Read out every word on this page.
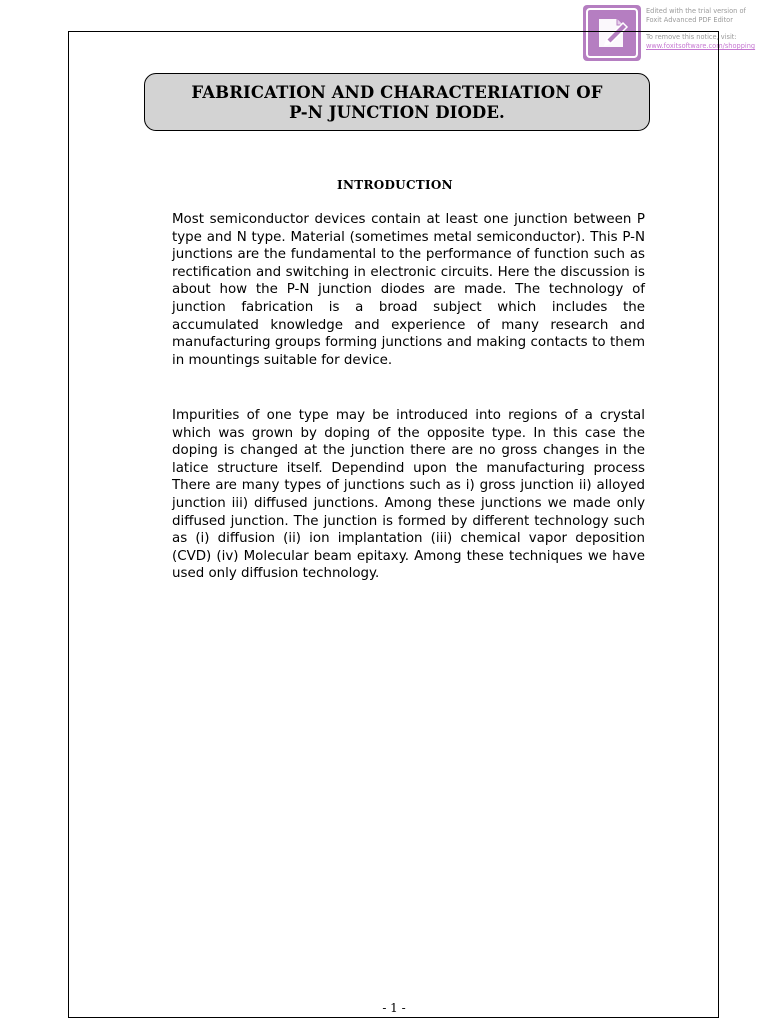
Edited with the trial version of
Foxit Advanced PDF Editor
To remove this notice, visit:
www.foxitsoftware.com/shopping
FABRICATION AND CHARACTERIATION OF
P-N JUNCTION DIODE.
INTRODUCTION

Most semiconductor devices contain at least one junction between P type and N type. Material (sometimes metal semiconductor). This P-N junctions are the fundamental to the performance of function such as rectification and switching in electronic circuits. Here the discussion is about how the P-N junction diodes are made. The technology of junction fabrication is a broad subject which includes the accumulated knowledge and experience of many research and manufacturing groups forming junctions and making contacts to them in mountings suitable for device.

Impurities of one type may be introduced into regions of a crystal which was grown by doping of the opposite type. In this case the doping is changed at the junction there are no gross changes in the latice structure itself. Dependind upon the manufacturing process There are many types of junctions such as i) gross junction ii) alloyed junction iii) diffused junctions. Among these junctions we made only diffused junction. The junction is formed by different technology such as (i) diffusion (ii) ion implantation (iii) chemical vapor deposition (CVD) (iv) Molecular beam epitaxy. Among these techniques we have used only diffusion technology.

- 1 -
